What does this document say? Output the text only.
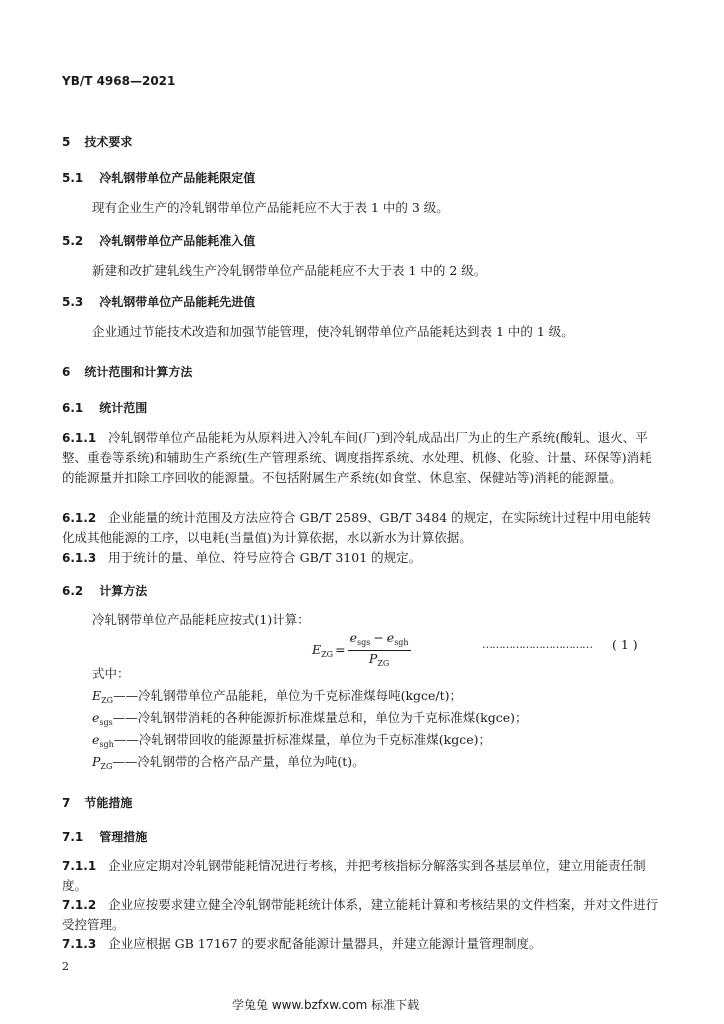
YB/T 4968—2021
5 技术要求
5.1 冷轧钢带单位产品能耗限定值
现有企业生产的冷轧钢带单位产品能耗应不大于表 1 中的 3 级。
5.2 冷轧钢带单位产品能耗准入值
新建和改扩建轧线生产冷轧钢带单位产品能耗应不大于表 1 中的 2 级。
5.3 冷轧钢带单位产品能耗先进值
企业通过节能技术改造和加强节能管理，使冷轧钢带单位产品能耗达到表 1 中的 1 级。
6 统计范围和计算方法
6.1 统计范围
6.1.1 冷轧钢带单位产品能耗为从原料进入冷轧车间(厂)到冷轧成品出厂为止的生产系统(酸轧、退火、平整、重卷等系统)和辅助生产系统(生产管理系统、调度指挥系统、水处理、机修、化验、计量、环保等)消耗的能源量并扣除工序回收的能源量。不包括附属生产系统(如食堂、休息室、保健站等)消耗的能源量。
6.1.2 企业能量的统计范围及方法应符合 GB/T 2589、GB/T 3484 的规定，在实际统计过程中用电能转化成其他能源的工序，以电耗(当量值)为计算依据，水以新水为计算依据。
6.1.3 用于统计的量、单位、符号应符合 GB/T 3101 的规定。
6.2 计算方法
冷轧钢带单位产品能耗应按式(1)计算：
$E_{ZG} = \frac{e_{sgs} - e_{sgh}}{P_{ZG}}$	…………………………… ( 1 )
式中：
$E_{ZG}——$冷轧钢带单位产品能耗，单位为千克标准煤每吨(kgce/t)；
$e_{sgs}——$冷轧钢带消耗的各种能源折标准煤量总和，单位为千克标准煤(kgce)；
$e_{sgh}——$冷轧钢带回收的能源量折标准煤量，单位为千克标准煤(kgce)；
$P_{ZG}——$冷轧钢带的合格产品产量，单位为吨(t)。
7 节能措施
7.1 管理措施
7.1.1 企业应定期对冷轧钢带能耗情况进行考核，并把考核指标分解落实到各基层单位，建立用能责任制度。
7.1.2 企业应按要求建立健全冷轧钢带能耗统计体系，建立能耗计算和考核结果的文件档案，并对文件进行受控管理。
7.1.3 企业应根据 GB 17167 的要求配备能源计量器具，并建立能源计量管理制度。
2
学兔兔 www.bzfxw.com 标准下载
